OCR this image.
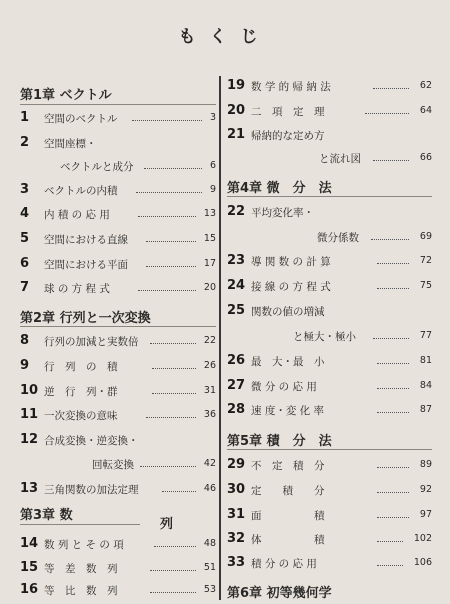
もくじ
第1章 ベクトル
1	空間のベクトル	3
2	空間座標・
ベクトルと成分	6
3	ベクトルの内積	9
4	内 積 の 応 用	13
5	空間における直線	15
6	空間における平面	17
7	球 の 方 程 式	20
第2章 行列と一次変換
8	行列の加減と実数倍	22
9	行　列　の　積	26
10 逆　行　列・群	31
11 一次変換の意味	36
12 合成変換・逆変換・
回転変換	42
13 三角関数の加法定理	46
第3章 数
列
14 数 列 と そ の 項	48
15 等　差　数　列	51
16 等　比　数　列	53
19 数 学 的 帰 納 法	62
20 二　項　定　理	64
21 帰納的な定め方
と流れ図	66
第4章 微　分　法
22 平均変化率・
微分係数	69
23 導 関 数 の 計 算	72
24 接 線 の 方 程 式	75
25 関数の値の増減
と極大・極小	77
26 最　大・最　小	81
27 微 分 の 応 用	84
28 速 度・変 化 率	87
第5章 積　分　法
29 不　定　積　分	89
30 定　　積　　分	92
31 面　　　　　積	97
32 体　　　　　積	102
33 積 分 の 応 用	106
第6章 初等幾何学
